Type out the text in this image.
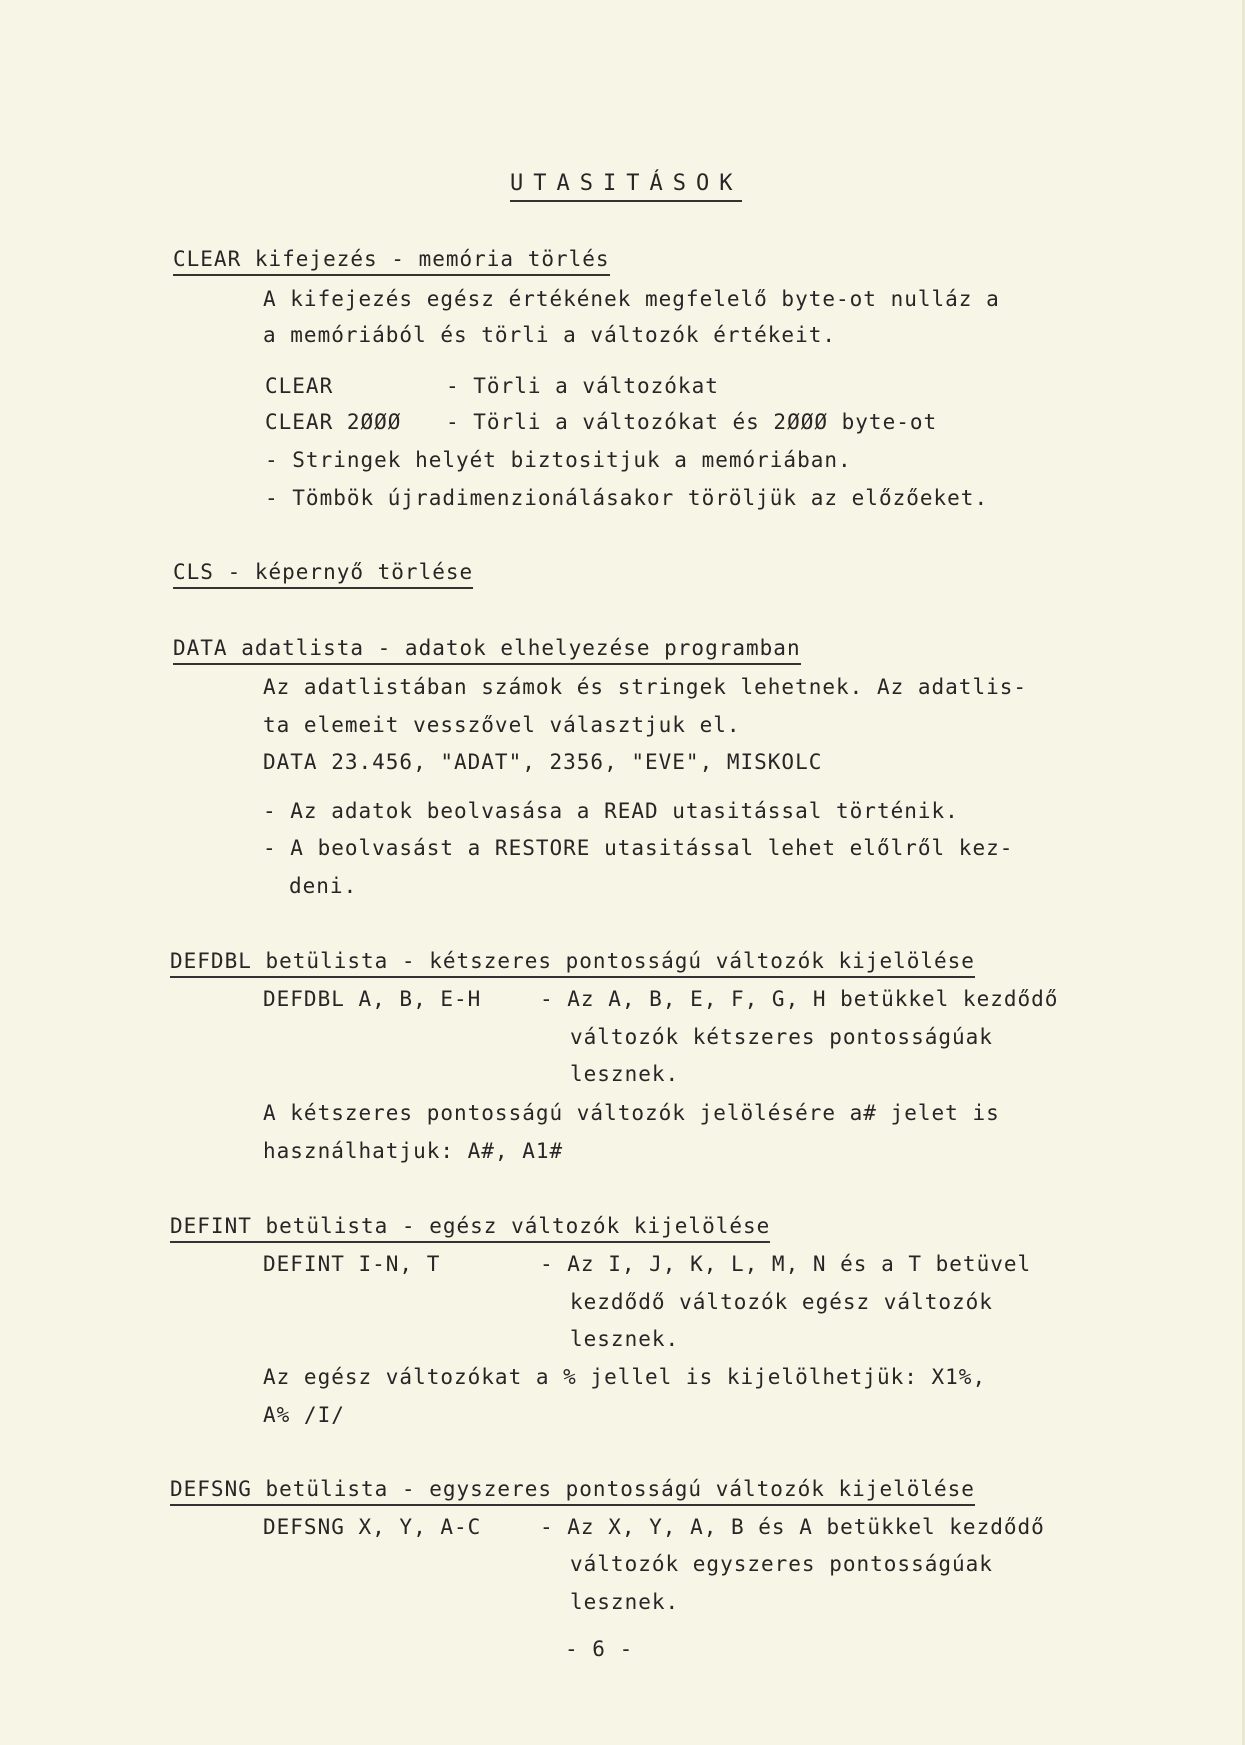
UTASITÁSOK
CLEAR kifejezés - memória törlés
A kifejezés egész értékének megfelelő byte-ot nulláz a
a memóriából és törli a változók értékeit.
CLEAR	- Törli a változókat
CLEAR 2ØØØ - Törli a változókat és 2ØØØ byte-ot
- Stringek helyét biztositjuk a memóriában.
- Tömbök újradimenzionálásakor töröljük az előzőeket.
CLS - képernyő törlése
DATA adatlista - adatok elhelyezése programban
Az adatlistában számok és stringek lehetnek. Az adatlis-
ta elemeit vesszővel választjuk el.
DATA 23.456, "ADAT", 2356, "EVE", MISKOLC
- Az adatok beolvasása a READ utasitással történik.
- A beolvasást a RESTORE utasitással lehet előlről kez-
deni.
DEFDBL betülista - kétszeres pontosságú változók kijelölése
DEFDBL A, B, E-H	- Az A, B, E, F, G, H betükkel kezdődő
változók kétszeres pontosságúak
lesznek.
A kétszeres pontosságú változók jelölésére a# jelet is
használhatjuk: A#, A1#
DEFINT betülista - egész változók kijelölése
DEFINT I-N, T	- Az I, J, K, L, M, N és a T betüvel
kezdődő változók egész változók
lesznek.
Az egész változókat a % jellel is kijelölhetjük: X1%,
A% /I/
DEFSNG betülista - egyszeres pontosságú változók kijelölése
DEFSNG X, Y, A-C	- Az X, Y, A, B és A betükkel kezdődő
változók egyszeres pontosságúak
lesznek.
- 6 -
